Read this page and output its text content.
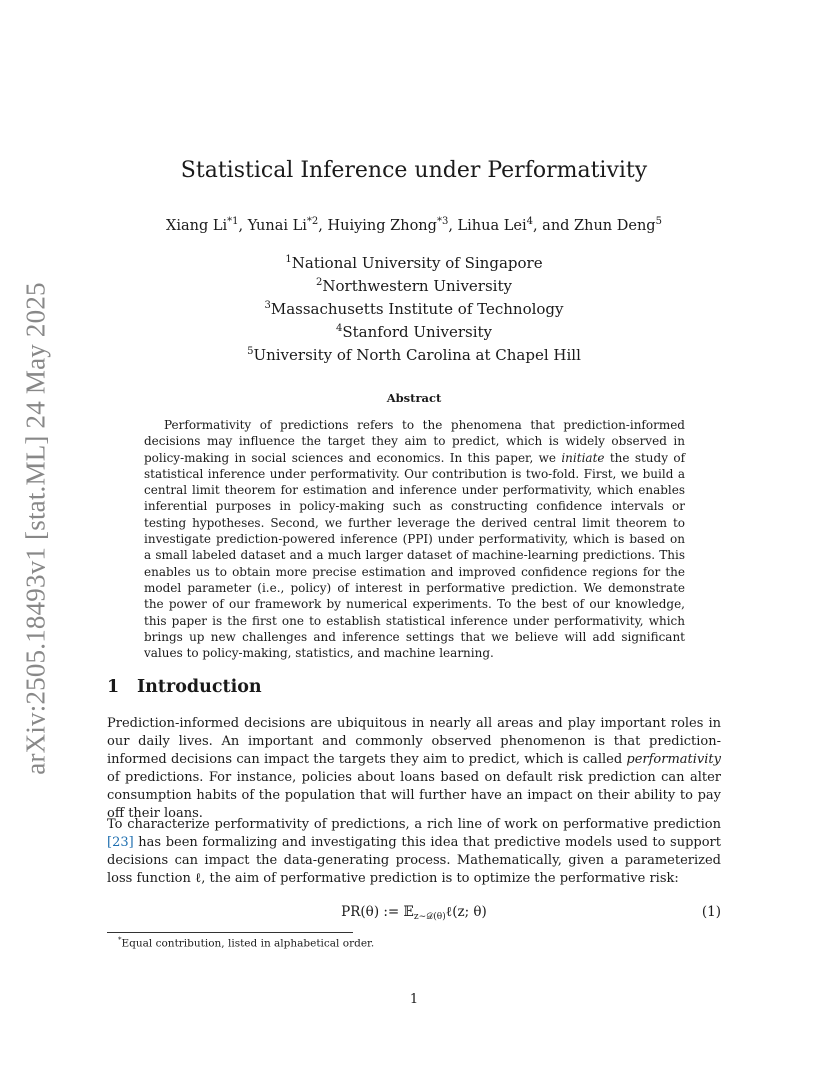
arXiv:2505.18493v1 [stat.ML] 24 May 2025
Statistical Inference under Performativity
Xiang Li$^{*1}$, Yunai Li$^{*2}$, Huiying Zhong$^{*3}$, Lihua Lei$^4$, and Zhun Deng$^5$
$^1$National University of Singapore
$^2$Northwestern University
$^3$Massachusetts Institute of Technology
$^4$Stanford University
$^5$University of North Carolina at Chapel Hill
Abstract

Performativity of predictions refers to the phenomena that prediction-informed decisions may influence the target they aim to predict, which is widely observed in policy-making in social sciences and economics. In this paper, we initiate the study of statistical inference under performativity. Our contribution is two-fold. First, we build a central limit theorem for estimation and inference under performativity, which enables inferential purposes in policy-making such as constructing confidence intervals or testing hypotheses. Second, we further leverage the derived central limit theorem to investigate prediction-powered inference (PPI) under performativity, which is based on a small labeled dataset and a much larger dataset of machine-learning predictions. This enables us to obtain more precise estimation and improved confidence regions for the model parameter (i.e., policy) of interest in performative prediction. We demonstrate the power of our framework by numerical experiments. To the best of our knowledge, this paper is the first one to establish statistical inference under performativity, which brings up new challenges and inference settings that we believe will add significant values to policy-making, statistics, and machine learning.

1 Introduction

Prediction-informed decisions are ubiquitous in nearly all areas and play important roles in our daily lives. An important and commonly observed phenomenon is that prediction-informed decisions can impact the targets they aim to predict, which is called performativity of predictions. For instance, policies about loans based on default risk prediction can alter consumption habits of the population that will further have an impact on their ability to pay off their loans.

To characterize performativity of predictions, a rich line of work on performative prediction [23] has been formalizing and investigating this idea that predictive models used to support decisions can impact the data-generating process. Mathematically, given a parameterized loss function ℓ, the aim of performative prediction is to optimize the performative risk:

PR(θ) := 𝔼$_{z\sim 𝒟(\theta)}$ℓ(z; θ)	(1)
*Equal contribution, listed in alphabetical order.
1
